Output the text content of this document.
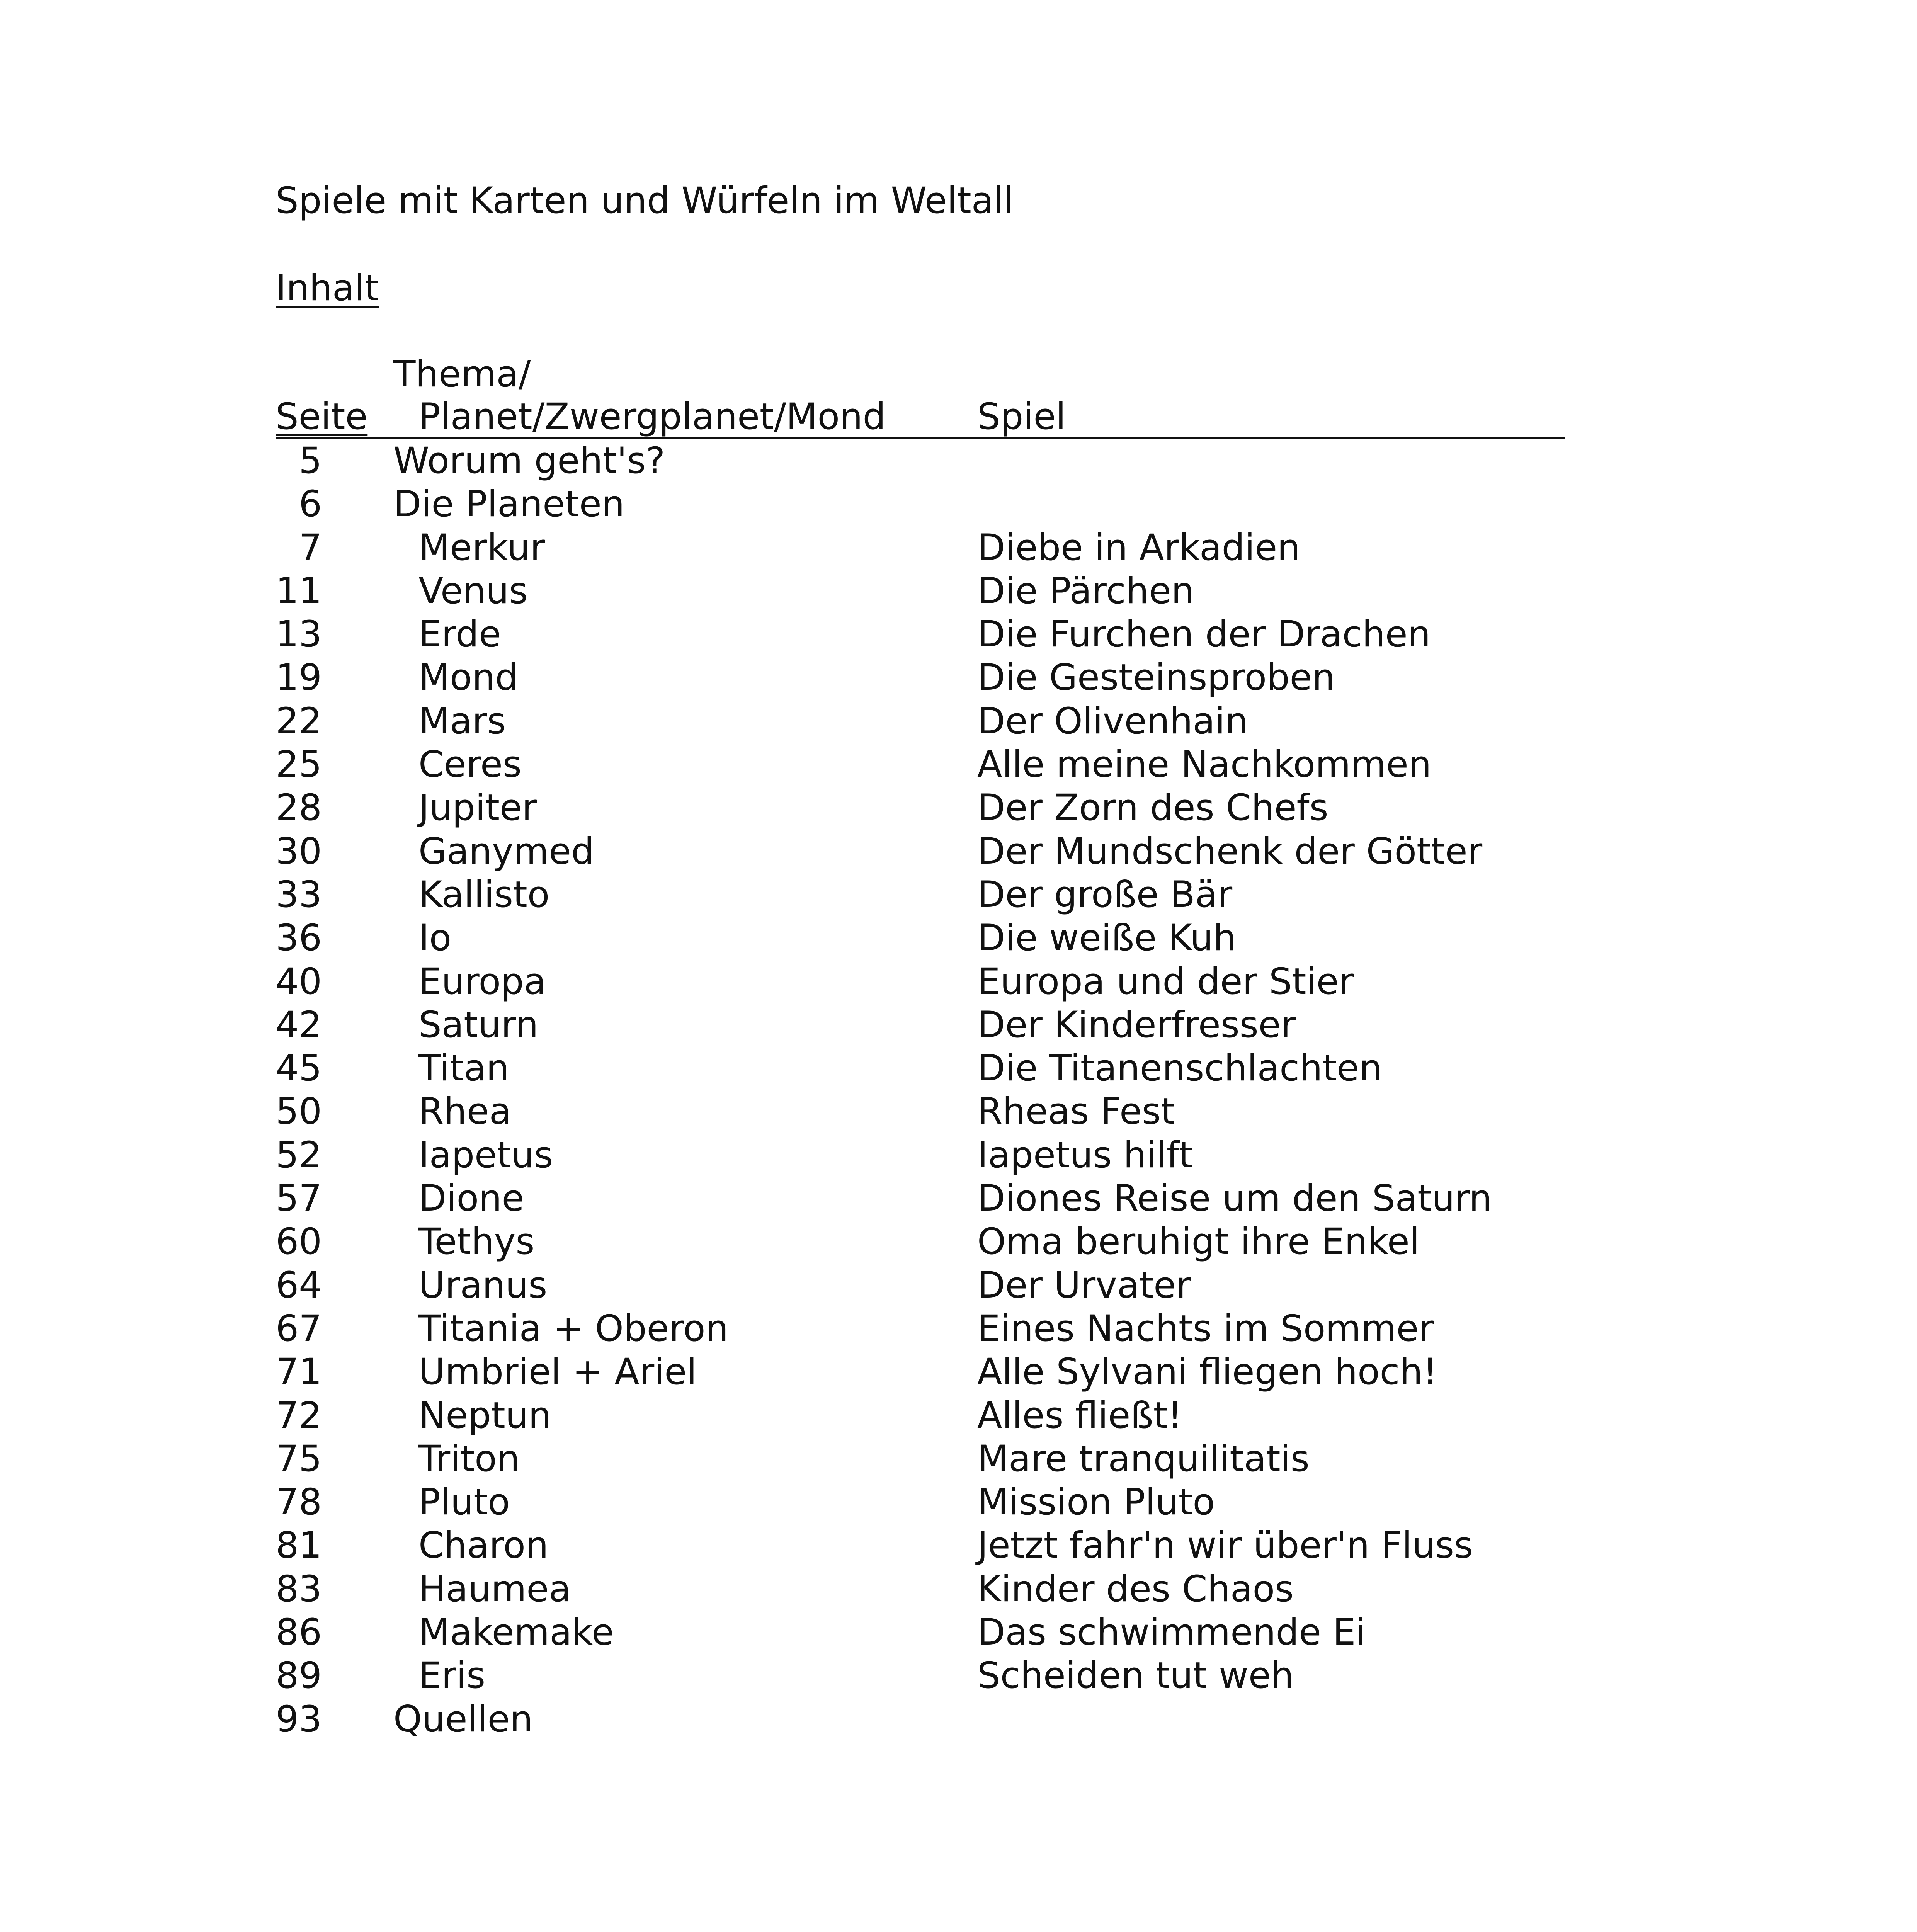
Spiele mit Karten und Würfeln im Weltall
Inhalt
Thema/
Seite Planet/Zwergplanet/Mond	Spiel
5 Worum geht's?
6 Die Planeten
7	Merkur	Diebe in Arkadien
11	Venus	Die Pärchen
13	Erde	Die Furchen der Drachen
19	Mond	Die Gesteinsproben
22	Mars	Der Olivenhain
25	Ceres	Alle meine Nachkommen
28	Jupiter	Der Zorn des Chefs
30	Ganymed	Der Mundschenk der Götter
33	Kallisto	Der große Bär
36	Io	Die weiße Kuh
40	Europa	Europa und der Stier
42	Saturn	Der Kinderfresser
45	Titan	Die Titanenschlachten
50	Rhea	Rheas Fest
52	Iapetus	Iapetus hilft
57	Dione	Diones Reise um den Saturn
60	Tethys	Oma beruhigt ihre Enkel
64	Uranus	Der Urvater
67	Titania + Oberon	Eines Nachts im Sommer
71	Umbriel + Ariel	Alle Sylvani fliegen hoch!
72	Neptun	Alles fließt!
75	Triton	Mare tranquilitatis
78	Pluto	Mission Pluto
81	Charon	Jetzt fahr'n wir über'n Fluss
83	Haumea	Kinder des Chaos
86	Makemake	Das schwimmende Ei
89	Eris	Scheiden tut weh
93 Quellen
